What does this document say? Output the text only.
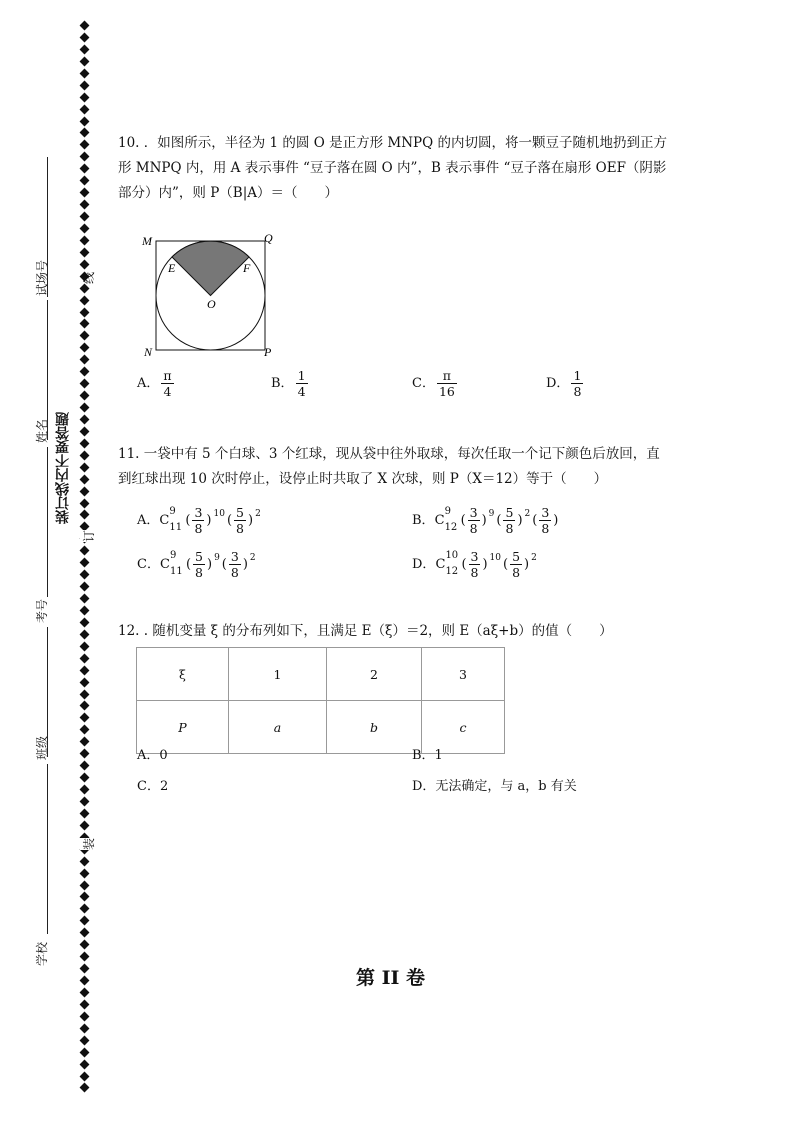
试场号
姓名
考号
班级
学校
线
装订线内不要答题
订
装
10. ．如图所示，半径为 1 的圆 O 是正方形 MNPQ 的内切圆，将一颗豆子随机地扔到正方
形 MNPQ 内，用 A 表示事件 “豆子落在圆 O 内”，B 表示事件 “豆子落在扇形 OEF（阴影
部分）内”，则 P（B|A）＝（　　）
M	Q
E	F
O
N	P
A． $\frac{\pi}{4}$	B． $\frac{1}{4}$	C． $\frac{\pi}{16}$	D． $\frac{1}{8}$
11. 一袋中有 5 个白球、3 个红球，现从袋中往外取球，每次任取一个记下颜色后放回，直
到红球出现 10 次时停止，设停止时共取了 X 次球，则 P（X＝12）等于（　　）
A． C
9
11 ( $\frac{3}{8}$ ) $^{10}$ ( $\frac{5}{8}$ ) $^2$	B． C
9
12 ( $\frac{3}{8}$ ) $^9$ ( $\frac{5}{8}$ ) $^2$ ( $\frac{3}{8}$ )
C． C
9
11 ( $\frac{5}{8}$ ) $^9$ ( $\frac{3}{8}$ ) $^2$	D． C
10
12 ( $\frac{3}{8}$ ) $^{10}$ ( $\frac{5}{8}$ ) $^2$
12. . 随机变量 ξ 的分布列如下，且满足 E（ξ）＝2，则 E（aξ+b）的值（　　）
ξ	1	2	3
P	a	b	c
A．0	B．1
C．2	D．无法确定，与 a，b 有关
第 II 卷
